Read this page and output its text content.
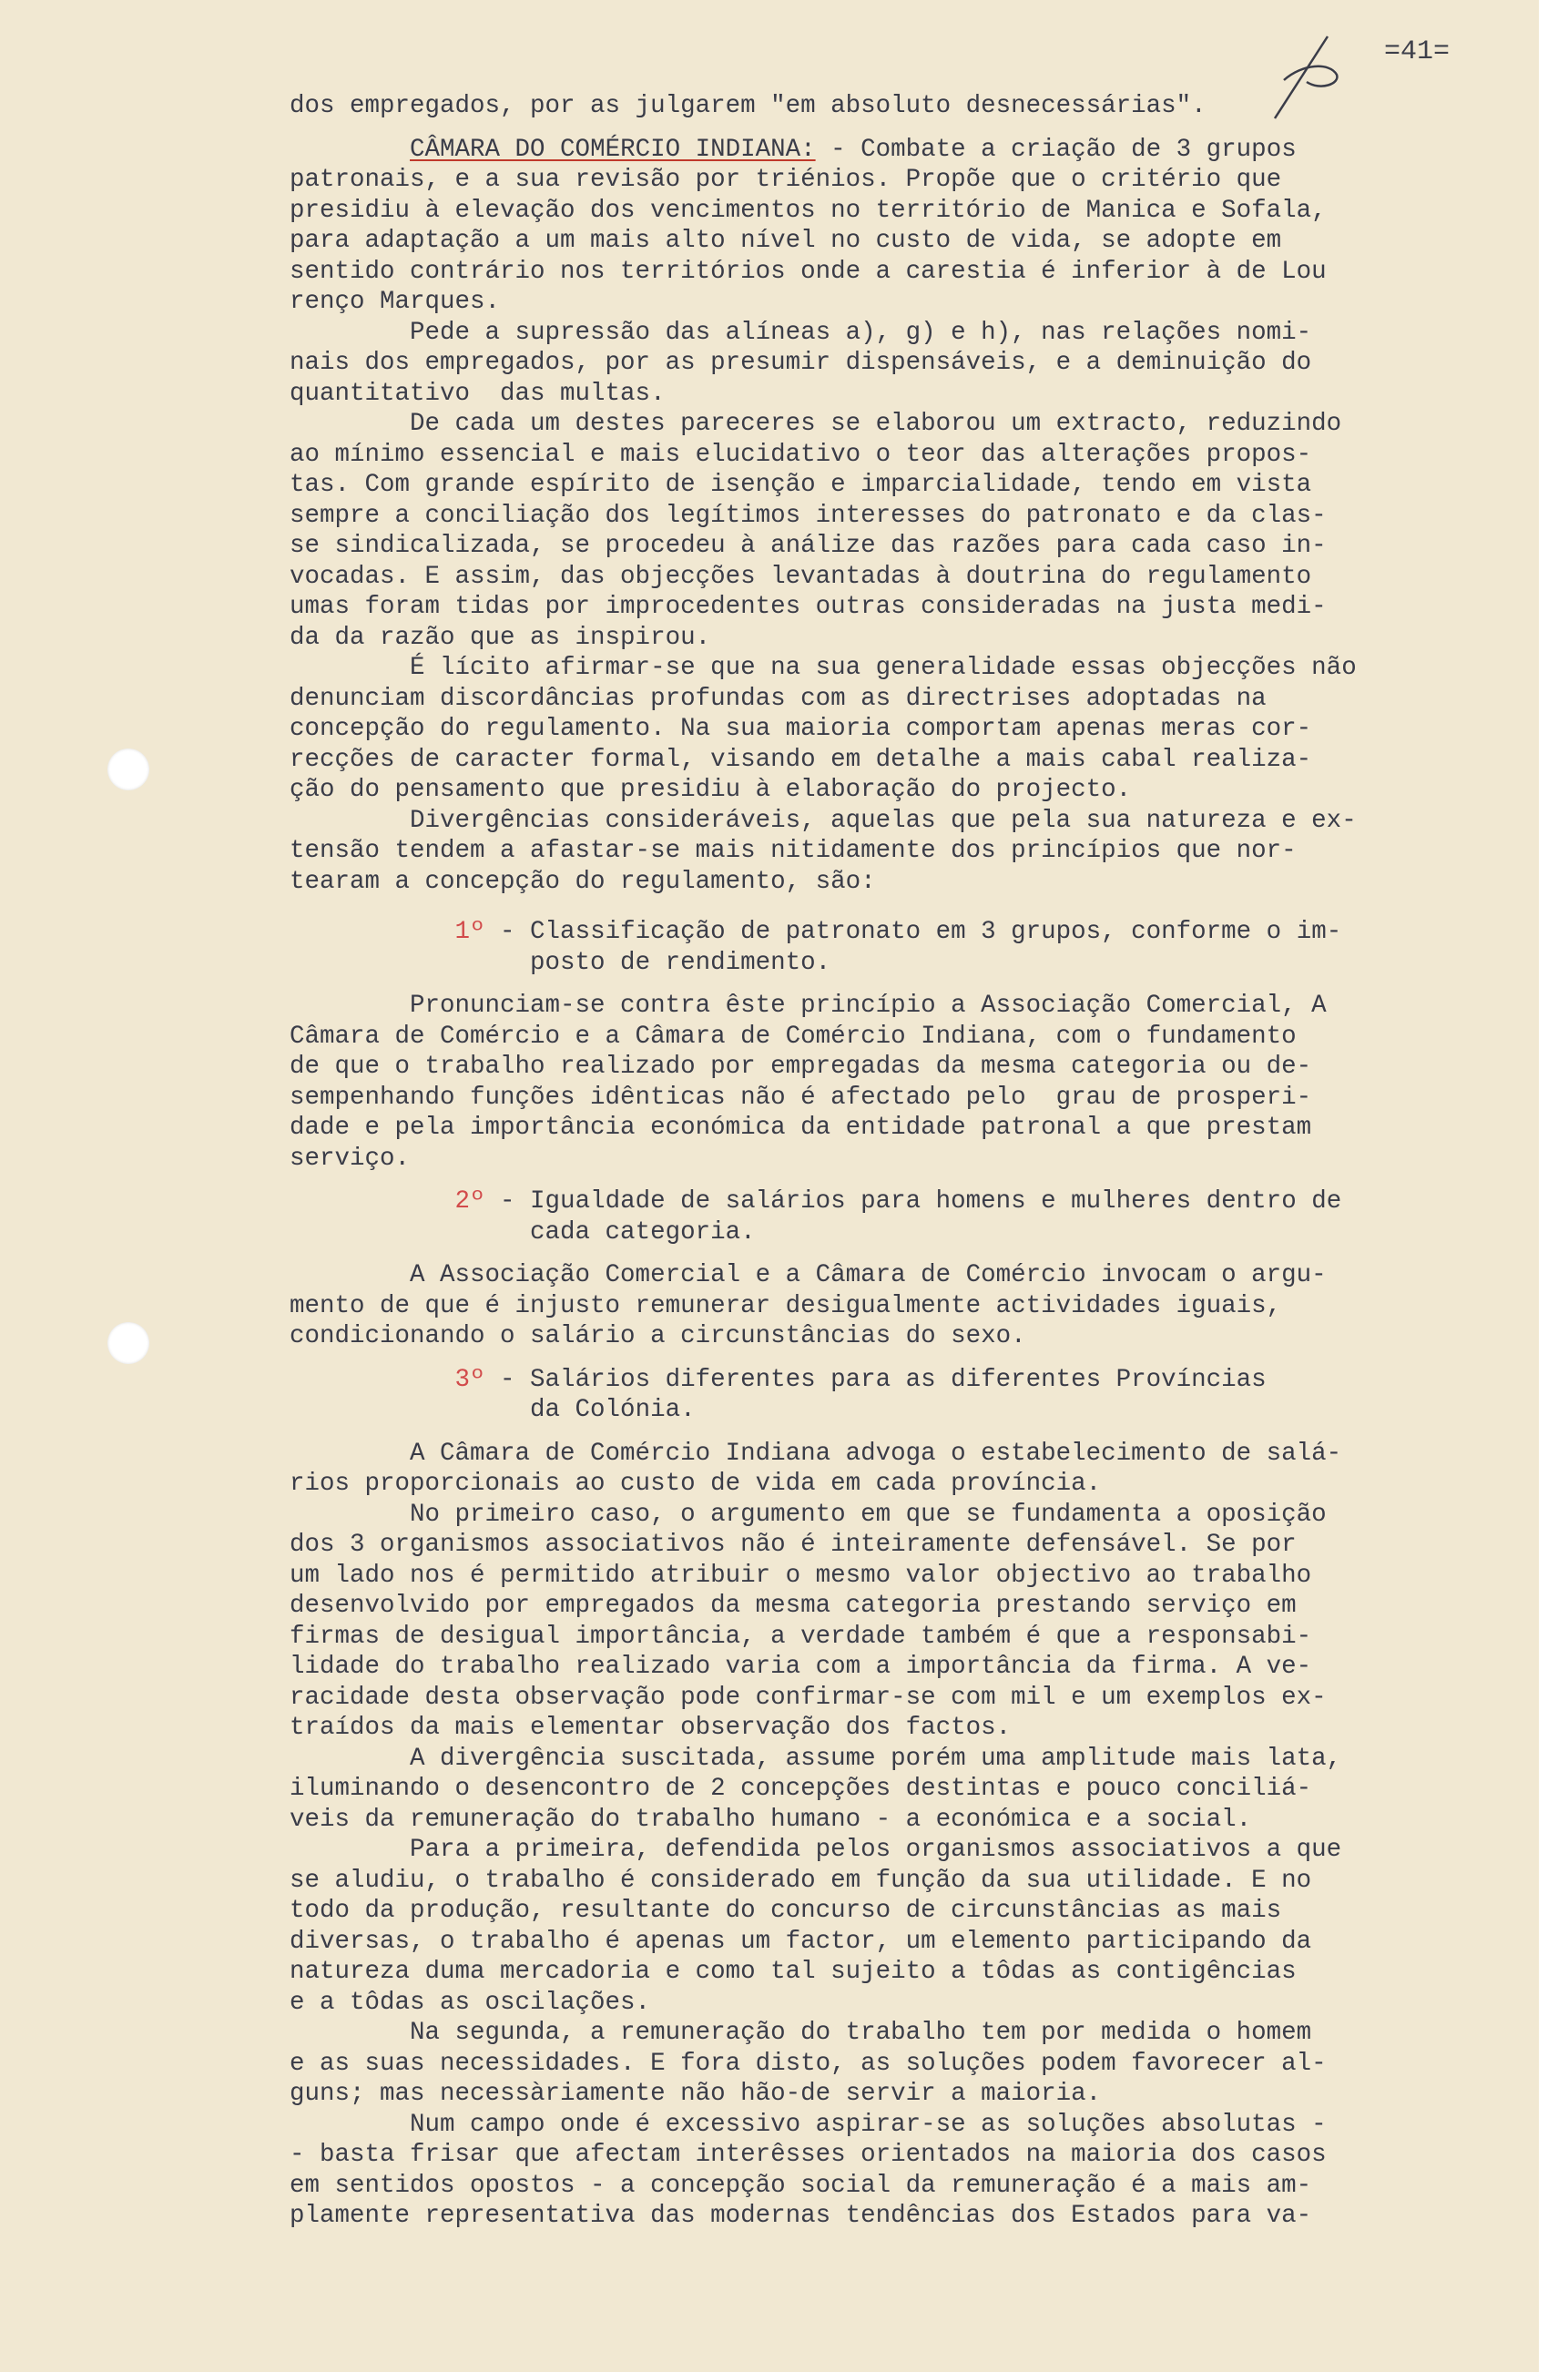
=41=

dos empregados, por as julgarem "em absoluto desnecessárias".

CÂMARA DO COMÉRCIO INDIANA: - Combate a criação de 3 grupos

patronais, e a sua revisão por triénios. Propõe que o critério que

presidiu à elevação dos vencimentos no território de Manica e Sofala,

para adaptação a um mais alto nível no custo de vida, se adopte em

sentido contrário nos territórios onde a carestia é inferior à de Lou

renço Marques.

Pede a supressão das alíneas a), g) e h), nas relações nomi-

nais dos empregados, por as presumir dispensáveis, e a deminuição do

quantitativo  das multas.

De cada um destes pareceres se elaborou um extracto, reduzindo

ao mínimo essencial e mais elucidativo o teor das alterações propos-

tas. Com grande espírito de isenção e imparcialidade, tendo em vista

sempre a conciliação dos legítimos interesses do patronato e da clas-

se sindicalizada, se procedeu à análize das razões para cada caso in-

vocadas. E assim, das objecções levantadas à doutrina do regulamento

umas foram tidas por improcedentes outras consideradas na justa medi-

da da razão que as inspirou.

É lícito afirmar-se que na sua generalidade essas objecções não

denunciam discordâncias profundas com as directrises adoptadas na

concepção do regulamento. Na sua maioria comportam apenas meras cor-

recções de caracter formal, visando em detalhe a mais cabal realiza-

ção do pensamento que presidiu à elaboração do projecto.

Divergências consideráveis, aquelas que pela sua natureza e ex-

tensão tendem a afastar-se mais nitidamente dos princípios que nor-

tearam a concepção do regulamento, são:

1º - Classificação de patronato em 3 grupos, conforme o im-

posto de rendimento.

Pronunciam-se contra êste princípio a Associação Comercial, A

Câmara de Comércio e a Câmara de Comércio Indiana, com o fundamento

de que o trabalho realizado por empregadas da mesma categoria ou de-

sempenhando funções idênticas não é afectado pelo  grau de prosperi-

dade e pela importância económica da entidade patronal a que prestam

serviço.

2º - Igualdade de salários para homens e mulheres dentro de

cada categoria.

A Associação Comercial e a Câmara de Comércio invocam o argu-

mento de que é injusto remunerar desigualmente actividades iguais,

condicionando o salário a circunstâncias do sexo.

3º - Salários diferentes para as diferentes Províncias

da Colónia.

A Câmara de Comércio Indiana advoga o estabelecimento de salá-

rios proporcionais ao custo de vida em cada província.

No primeiro caso, o argumento em que se fundamenta a oposição

dos 3 organismos associativos não é inteiramente defensável. Se por

um lado nos é permitido atribuir o mesmo valor objectivo ao trabalho

desenvolvido por empregados da mesma categoria prestando serviço em

firmas de desigual importância, a verdade também é que a responsabi-

lidade do trabalho realizado varia com a importância da firma. A ve-

racidade desta observação pode confirmar-se com mil e um exemplos ex-

traídos da mais elementar observação dos factos.

A divergência suscitada, assume porém uma amplitude mais lata,

iluminando o desencontro de 2 concepções destintas e pouco conciliá-

veis da remuneração do trabalho humano - a económica e a social.

Para a primeira, defendida pelos organismos associativos a que

se aludiu, o trabalho é considerado em função da sua utilidade. E no

todo da produção, resultante do concurso de circunstâncias as mais

diversas, o trabalho é apenas um factor, um elemento participando da

natureza duma mercadoria e como tal sujeito a tôdas as contigências

e a tôdas as oscilações.

Na segunda, a remuneração do trabalho tem por medida o homem

e as suas necessidades. E fora disto, as soluções podem favorecer al-

guns; mas necessàriamente não hão-de servir a maioria.

Num campo onde é excessivo aspirar-se as soluções absolutas -

- basta frisar que afectam interêsses orientados na maioria dos casos

em sentidos opostos - a concepção social da remuneração é a mais am-

plamente representativa das modernas tendências dos Estados para va-
